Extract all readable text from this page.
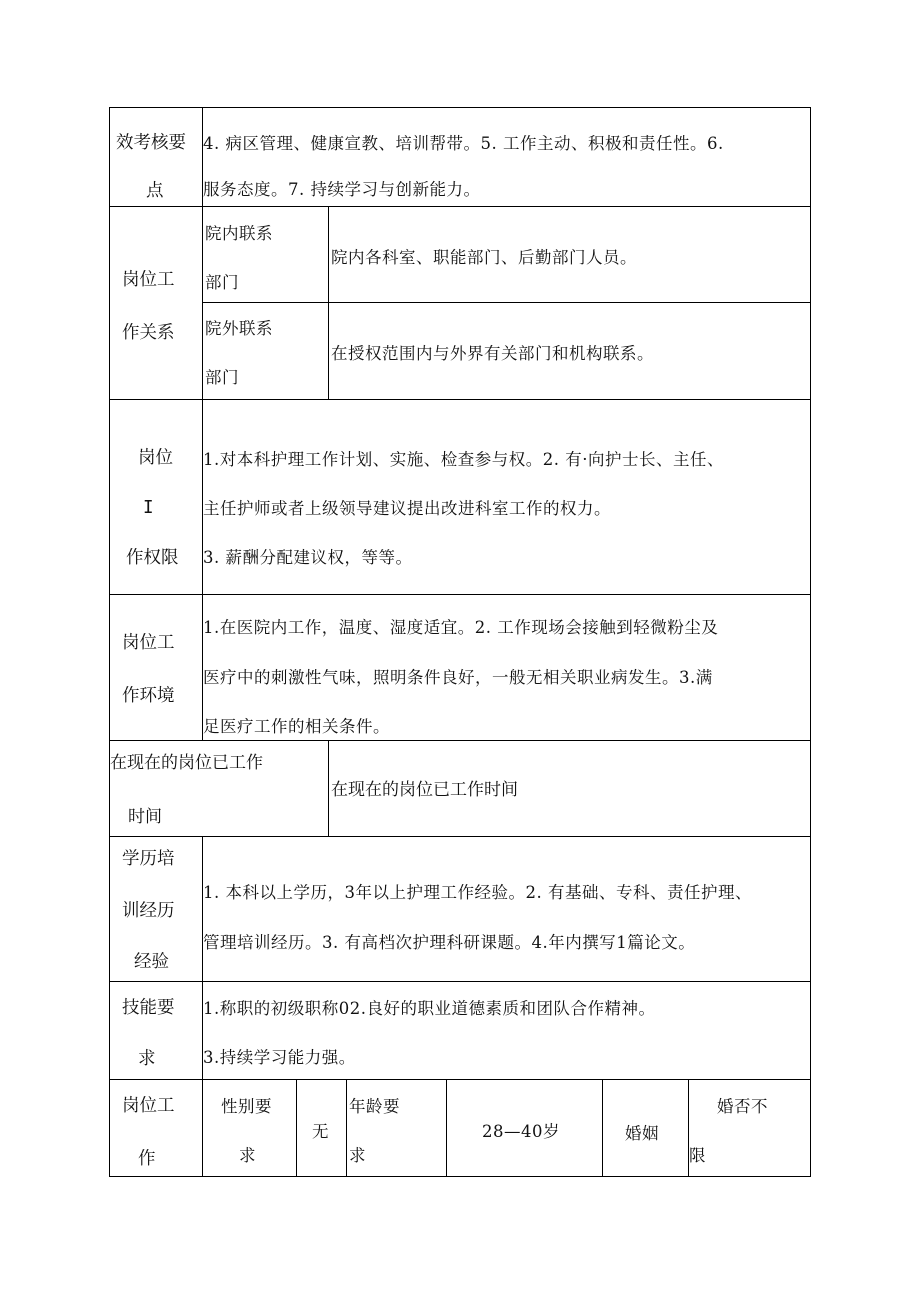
效考核要
点
4. 病区管理、健康宣教、培训帮带。5. 工作主动、积极和责任性。6.
服务态度。7. 持续学习与创新能力。
岗位工
作关系
院内联系
部门
院内各科室、职能部门、后勤部门人员。
院外联系
部门
在授权范围内与外界有关部门和机构联系。
岗位
I
作权限
1.对本科护理工作计划、实施、检查参与权。2. 有·向护士长、主任、
主任护师或者上级领导建议提出改进科室工作的权力。
3. 薪酬分配建议权，等等。
岗位工
作环境
1.在医院内工作，温度、湿度适宜。2. 工作现场会接触到轻微粉尘及
医疗中的刺激性气味，照明条件良好，一般无相关职业病发生。3.满
足医疗工作的相关条件。
在现在的岗位已工作
时间
在现在的岗位已工作时间
学历培
训经历
经验
1. 本科以上学历，3年以上护理工作经验。2. 有基础、专科、责任护理、
管理培训经历。3. 有高档次护理科研课题。4.年内撰写1篇论文。
技能要
求
1.称职的初级职称02.良好的职业道德素质和团队合作精神。
3.持续学习能力强。
岗位工
作
性别要
求
无
年龄要
求
28—40岁	婚姻
婚否不
限
